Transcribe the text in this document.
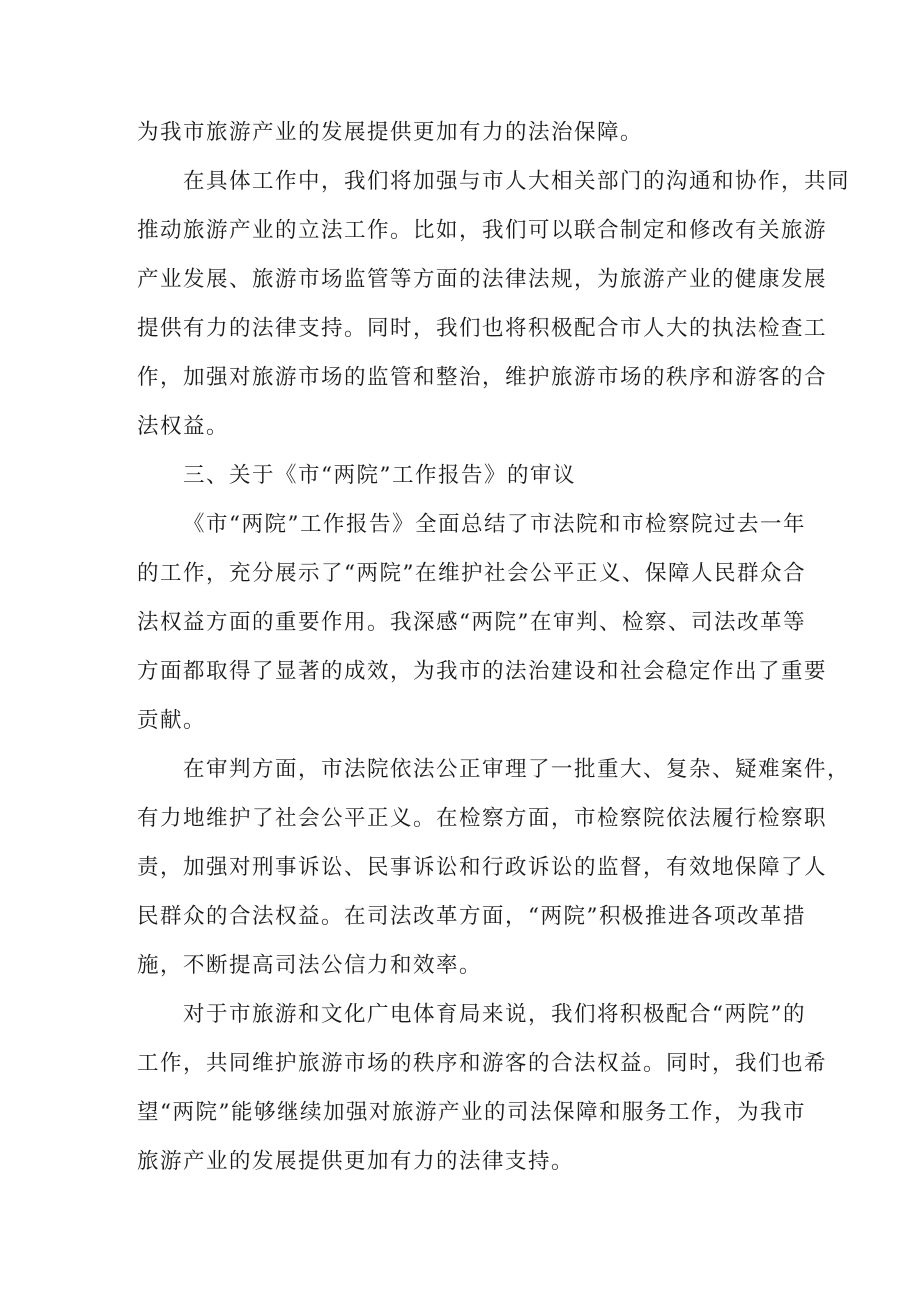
为我市旅游产业的发展提供更加有力的法治保障。
在具体工作中，我们将加强与市人大相关部门的沟通和协作，共同 推动旅游产业的立法工作。比如，我们可以联合制定和修改有关旅游 产业发展、旅游市场监管等方面的法律法规，为旅游产业的健康发展 提供有力的法律支持。同时，我们也将积极配合市人大的执法检查工 作，加强对旅游市场的监管和整治，维护旅游市场的秩序和游客的合 法权益。
三、关于《市“两院”工作报告》的审议
《市“两院”工作报告》全面总结了市法院和市检察院过去一年 的工作，充分展示了“两院”在维护社会公平正义、保障人民群众合 法权益方面的重要作用。我深感“两院”在审判、检察、司法改革等 方面都取得了显著的成效，为我市的法治建设和社会稳定作出了重要 贡献。
在审判方面，市法院依法公正审理了一批重大、复杂、疑难案件， 有力地维护了社会公平正义。在检察方面，市检察院依法履行检察职 责，加强对刑事诉讼、民事诉讼和行政诉讼的监督，有效地保障了人 民群众的合法权益。在司法改革方面，“两院”积极推进各项改革措 施，不断提高司法公信力和效率。
对于市旅游和文化广电体育局来说，我们将积极配合“两院”的 工作，共同维护旅游市场的秩序和游客的合法权益。同时，我们也希 望“两院”能够继续加强对旅游产业的司法保障和服务工作，为我市 旅游产业的发展提供更加有力的法律支持。
